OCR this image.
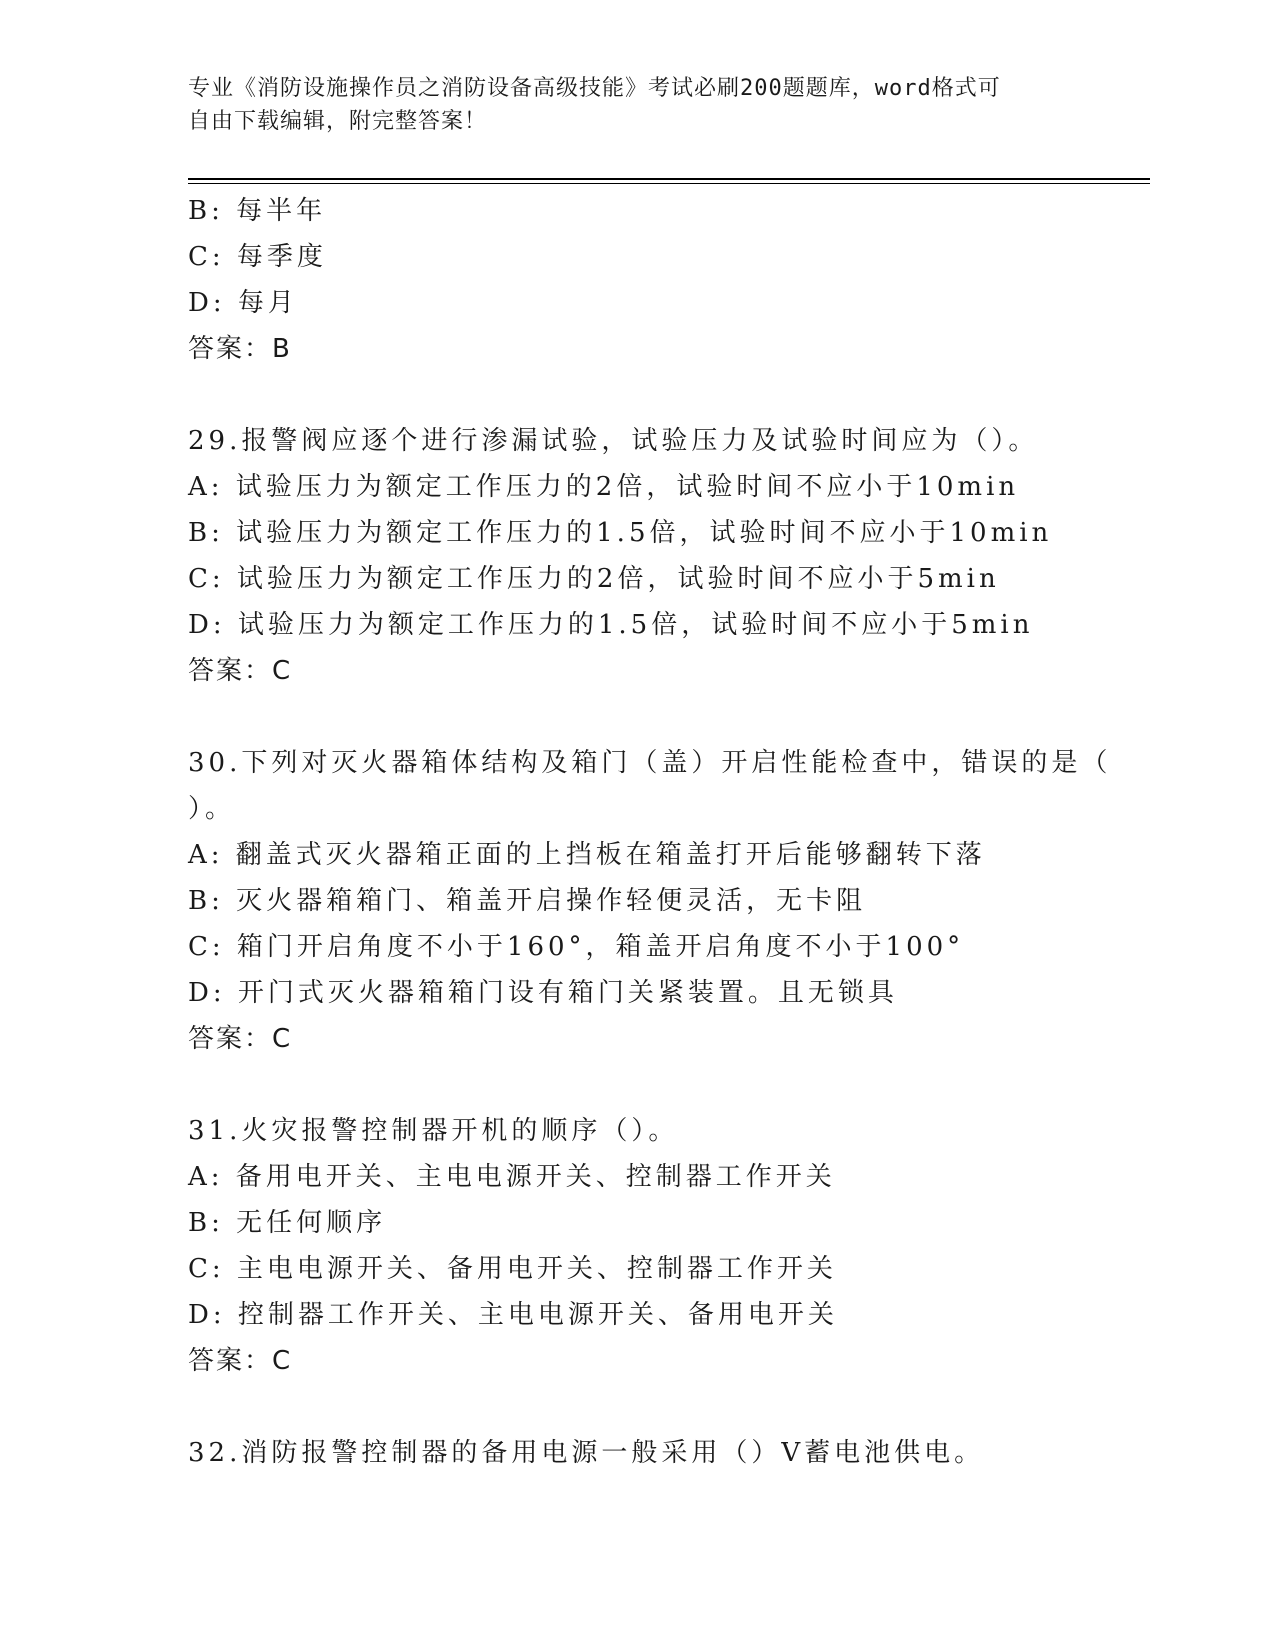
专业《消防设施操作员之消防设备高级技能》考试必刷200题题库，word格式可
自由下载编辑，附完整答案！
B: 每半年
C: 每季度
D: 每月
答案：B
29.报警阀应逐个进行渗漏试验，试验压力及试验时间应为（）。
A: 试验压力为额定工作压力的2倍，试验时间不应小于10min
B: 试验压力为额定工作压力的1.5倍，试验时间不应小于10min
C: 试验压力为额定工作压力的2倍，试验时间不应小于5min
D: 试验压力为额定工作压力的1.5倍，试验时间不应小于5min
答案：C
30.下列对灭火器箱体结构及箱门（盖）开启性能检查中，错误的是（
）。
A: 翻盖式灭火器箱正面的上挡板在箱盖打开后能够翻转下落
B: 灭火器箱箱门、箱盖开启操作轻便灵活，无卡阻
C: 箱门开启角度不小于160°，箱盖开启角度不小于100°
D: 开门式灭火器箱箱门设有箱门关紧装置。且无锁具
答案：C
31.火灾报警控制器开机的顺序（）。
A: 备用电开关、主电电源开关、控制器工作开关
B: 无任何顺序
C: 主电电源开关、备用电开关、控制器工作开关
D: 控制器工作开关、主电电源开关、备用电开关
答案：C
32.消防报警控制器的备用电源一般采用（）V蓄电池供电。
